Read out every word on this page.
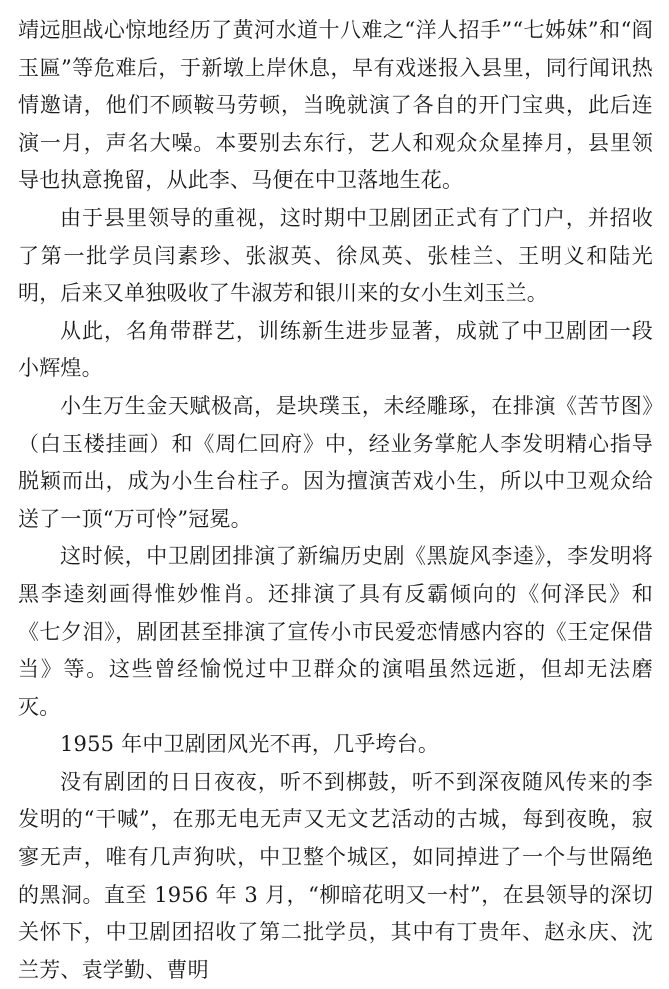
靖远胆战心惊地经历了黄河水道十八难之“洋人招手”“七姊妹”和“阎玉匾”等危难后，于新墩上岸休息，早有戏迷报入县里，同行闻讯热情邀请，他们不顾鞍马劳顿，当晚就演了各自的开门宝典，此后连演一月，声名大噪。本要别去东行，艺人和观众众星捧月，县里领导也执意挽留，从此李、马便在中卫落地生花。

由于县里领导的重视，这时期中卫剧团正式有了门户，并招收了第一批学员闫素珍、张淑英、徐凤英、张桂兰、王明义和陆光明，后来又单独吸收了牛淑芳和银川来的女小生刘玉兰。

从此，名角带群艺，训练新生进步显著，成就了中卫剧团一段小辉煌。

小生万生金天赋极高，是块璞玉，未经雕琢，在排演《苦节图》（白玉楼挂画）和《周仁回府》中，经业务掌舵人李发明精心指导脱颖而出，成为小生台柱子。因为擅演苦戏小生，所以中卫观众给送了一顶“万可怜”冠冕。

这时候，中卫剧团排演了新编历史剧《黑旋风李逵》，李发明将黑李逵刻画得惟妙惟肖。还排演了具有反霸倾向的《何泽民》和《七夕泪》，剧团甚至排演了宣传小市民爱恋情感内容的《王定保借当》等。这些曾经愉悦过中卫群众的演唱虽然远逝，但却无法磨灭。

1955 年中卫剧团风光不再，几乎垮台。

没有剧团的日日夜夜，听不到梆鼓，听不到深夜随风传来的李发明的“干喊”，在那无电无声又无文艺活动的古城，每到夜晚，寂寥无声，唯有几声狗吠，中卫整个城区，如同掉进了一个与世隔绝的黑洞。直至 1956 年 3 月，“柳暗花明又一村”，在县领导的深切关怀下，中卫剧团招收了第二批学员，其中有丁贵年、赵永庆、沈兰芳、袁学勤、曹明
